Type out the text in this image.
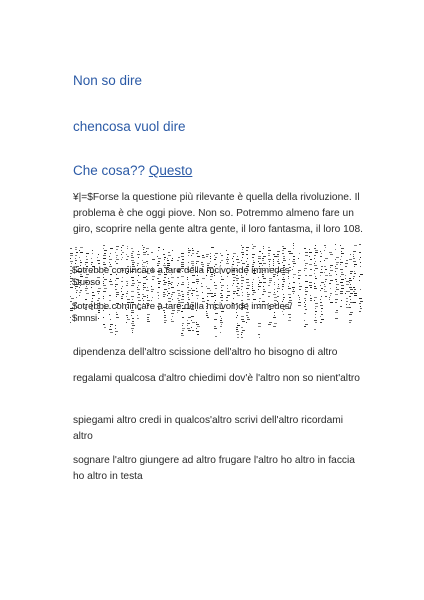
Non so dire
chencosa vuol dire
Che cosa?? Questo

¥|=$Forse la questione più rilevante è quella della rivoluzione. Il problema è che oggi piove. Non so. Potremmo almeno fare un giro, scoprire nella gente altra gente, il loro fantasma, il loro 108.

$otrebbe comincare a tare della mcivoinde immedes
$tuoso
$otrebbe comincare a tare della mcivoinde immedes/
$mnsi

dipendenza dell'altro scissione dell'altro ho bisogno di altro

regalami qualcosa d'altro chiedimi dov'è l'altro non so nient'altro

spiegami altro credi in qualcos'altro scrivi dell'altro ricordami altro

sognare l'altro giungere ad altro frugare l'altro ho altro in faccia ho altro in testa
